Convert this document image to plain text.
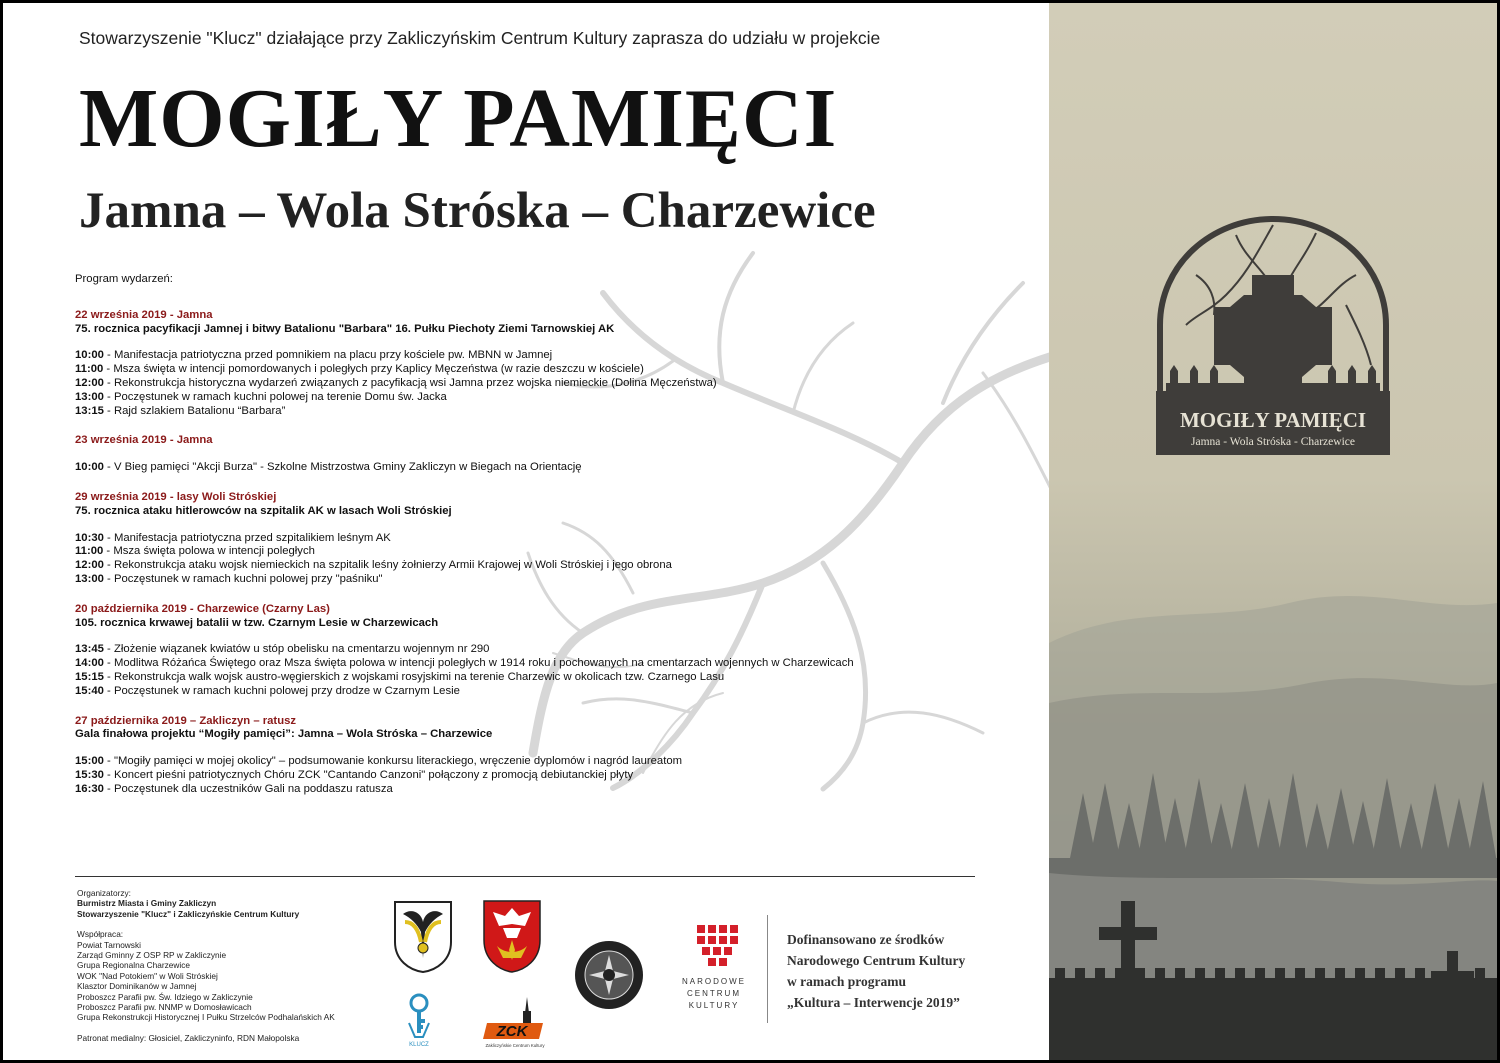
Stowarzyszenie "Klucz" działające przy Zakliczyńskim Centrum Kultury zaprasza do udziału w projekcie
MOGIŁY PAMIĘCI
Jamna – Wola Stróska – Charzewice
Program wydarzeń:
22 września 2019 - Jamna
75. rocznica pacyfikacji Jamnej i bitwy Batalionu "Barbara" 16. Pułku Piechoty Ziemi Tarnowskiej AK
10:00 - Manifestacja patriotyczna przed pomnikiem na placu przy kościele pw. MBNN w Jamnej
11:00 - Msza święta w intencji pomordowanych i poległych przy Kaplicy Męczeństwa (w razie deszczu w kościele)
12:00 - Rekonstrukcja historyczna wydarzeń związanych z pacyfikacją wsi Jamna przez wojska niemieckie (Dolina Męczeństwa)
13:00 - Poczęstunek w ramach kuchni polowej na terenie Domu św. Jacka
13:15 - Rajd szlakiem Batalionu “Barbara”
23 września 2019 - Jamna
10:00 - V Bieg pamięci "Akcji Burza" - Szkolne Mistrzostwa Gminy Zakliczyn w Biegach na Orientację
29 września 2019 - lasy Woli Stróskiej
75. rocznica ataku hitlerowców na szpitalik AK w lasach Woli Stróskiej
10:30 - Manifestacja patriotyczna przed szpitalikiem leśnym AK
11:00 - Msza święta polowa w intencji poległych
12:00 - Rekonstrukcja ataku wojsk niemieckich na szpitalik leśny żołnierzy Armii Krajowej w Woli Stróskiej i jego obrona
13:00 - Poczęstunek w ramach kuchni polowej przy "paśniku"
20 października 2019 - Charzewice (Czarny Las)
105. rocznica krwawej batalii w tzw. Czarnym Lesie w Charzewicach
13:45 - Złożenie wiązanek kwiatów u stóp obelisku na cmentarzu wojennym nr 290
14:00 - Modlitwa Różańca Świętego oraz Msza święta polowa w intencji poległych w 1914 roku i pochowanych na cmentarzach wojennych w Charzewicach
15:15 - Rekonstrukcja walk wojsk austro-węgierskich z wojskami rosyjskimi na terenie Charzewic w okolicach tzw. Czarnego Lasu
15:40 - Poczęstunek w ramach kuchni polowej przy drodze w Czarnym Lesie
27 października 2019 – Zakliczyn – ratusz
Gala finałowa projektu “Mogiły pamięci”: Jamna – Wola Stróska – Charzewice
15:00 - "Mogiły pamięci w mojej okolicy" – podsumowanie konkursu literackiego, wręczenie dyplomów i nagród laureatom
15:30 - Koncert pieśni patriotycznych Chóru ZCK "Cantando Canzoni" połączony z promocją debiutanckiej płyty
16:30 - Poczęstunek dla uczestników Gali na poddaszu ratusza
Organizatorzy:
Burmistrz Miasta i Gminy Zakliczyn
Stowarzyszenie "Klucz" i Zakliczyńskie Centrum Kultury
Współpraca:
Powiat Tarnowski
Zarząd Gminny Z OSP RP w Zakliczynie
Grupa Regionalna Charzewice
WOK "Nad Potokiem" w Woli Stróskiej
Klasztor Dominikanów w Jamnej
Proboszcz Parafii pw. Św. Idziego w Zakliczynie
Proboszcz Parafii pw. NNMP w Domosławicach
Grupa Rekonstrukcji Historycznej I Pułku Strzelców Podhalańskich AK
Patronat medialny: Głosiciel, Zakliczyninfo, RDN Małopolska
KLUCZ
ZCK
Zakliczyńskie Centrum Kultury
NARODOWE
CENTRUM
KULTURY
Dofinansowano ze środków
Narodowego Centrum Kultury
w ramach programu
„Kultura – Interwencje 2019”
MOGIŁY PAMIĘCI
Jamna - Wola Stróska - Charzewice
